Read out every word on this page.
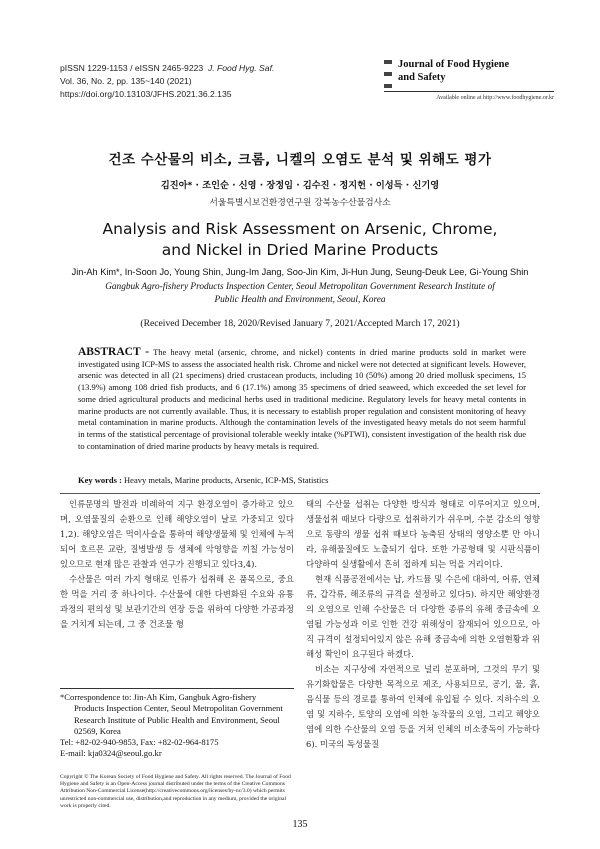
pISSN 1229-1153 / eISSN 2465-9223 J. Food Hyg. Saf.
Vol. 36, No. 2, pp. 135~140 (2021)
https://doi.org/10.13103/JFHS.2021.36.2.135
Journal of Food Hygiene
and Safety
Available online at http://www.foodhygiene.or.kr
건조 수산물의 비소, 크롬, 니켈의 오염도 분석 및 위해도 평가
김진아* · 조인순 · 신영 · 장정임 · 김수진 · 정지헌 · 이성득 · 신기영
서울특별시보건환경연구원 강북농수산물검사소
Analysis and Risk Assessment on Arsenic, Chrome,
and Nickel in Dried Marine Products
Jin-Ah Kim*, In-Soon Jo, Young Shin, Jung-Im Jang, Soo-Jin Kim, Ji-Hun Jung, Seung-Deuk Lee, Gi-Young Shin
Gangbuk Agro-fishery Products Inspection Center, Seoul Metropolitan Government Research Institute of
Public Health and Environment, Seoul, Korea
(Received December 18, 2020/Revised January 7, 2021/Accepted March 17, 2021)
ABSTRACT - The heavy metal (arsenic, chrome, and nickel) contents in dried marine products sold in market were investigated using ICP-MS to assess the associated health risk. Chrome and nickel were not detected at significant levels. However, arsenic was detected in all (21 specimens) dried crustacean products, including 10 (50%) among 20 dried mollusk specimens, 15 (13.9%) among 108 dried fish products, and 6 (17.1%) among 35 specimens of dried seaweed, which exceeded the set level for some dried agricultural products and medicinal herbs used in traditional medicine. Regulatory levels for heavy metal contents in marine products are not currently available. Thus, it is necessary to establish proper regulation and consistent monitoring of heavy metal contamination in marine products. Although the contamination levels of the investigated heavy metals do not seem harmful in terms of the statistical percentage of provisional tolerable weekly intake (%PTWI), consistent investigation of the health risk due to contamination of dried marine products by heavy metals is required.
Key words : Heavy metals, Marine products, Arsenic, ICP-MS, Statistics

인류문명의 발전과 비례하여 지구 환경오염이 증가하고 있으며, 오염물질의 순환으로 인해 해양오염이 날로 가중되고 있다1,2). 해양오염은 먹이사슬을 통하여 해양생물체 및 인체에 누적되어 호르몬 교란, 질병발생 등 생체에 악영향을 끼칠 가능성이 있으므로 현재 많은 관찰과 연구가 진행되고 있다3,4).

수산물은 여러 가지 형태로 인류가 섭취해 온 품목으로, 중요한 먹을 거리 중 하나이다. 수산물에 대한 다변화된 수요와 유통 과정의 편의성 및 보관기간의 연장 등을 위하여 다양한 가공과정을 거치게 되는데, 그 중 건조물 형

태의 수산물 섭취는 다양한 방식과 형태로 이루어지고 있으며, 생물섭취 때보다 다량으로 섭취하기가 쉬우며, 수분 감소의 영향으로 동량의 생물 섭취 때보다 농축된 상태의 영양소뿐 만 아니라, 유해물질에도 노출되기 쉽다. 또한 가공형태 및 시판식품이 다양하여 실생활에서 흔히 접하게 되는 먹을 거리이다.

현재 식품공전에서는 납, 카드뮴 및 수은에 대하여, 어류, 연체류, 갑각류, 해조류의 규격을 설정하고 있다5). 하지만 해양환경의 오염으로 인해 수산물은 더 다양한 종류의 유해 중금속에 오염될 가능성과 이로 인한 건강 위해성이 잠재되어 있으므로, 아직 규격이 설정되어있지 않은 유해 중금속에 의한 오염현황과 위해성 확인이 요구된다 하겠다.

비소는 지구상에 자연적으로 널리 분포하며, 그것의 무기 및 유기화합물은 다양한 목적으로 제조, 사용되므로, 공기, 물, 흙, 음식물 등의 경로를 통하여 인체에 유입될 수 있다. 지하수의 오염 및 지하수, 토양의 오염에 의한 농작물의 오염, 그리고 해양오염에 의한 수산물의 오염 등을 거쳐 인체의 비소중독이 가능하다6). 미국의 독성물질

*Correspondence to: Jin-Ah Kim, Gangbuk Agro-fishery
Products Inspection Center, Seoul Metropolitan Government
Research Institute of Public Health and Environment, Seoul
02569, Korea
Tel: +82-02-940-9853, Fax: +82-02-964-8175
E-mail: kja0324@seoul.go.kr
Copyright © The Korean Society of Food Hygiene and Safety. All rights reserved. The Journal of Food Hygiene and Safety is an Open-Access journal distributed under the terms of the Creative Commons Attribution Non-Commercial License(http://creativecommons.org/licenses/by-nc/3.0) which permits unrestricted non-commercial use, distribution,and reproduction in any medium, provided the original work is properly cited.
135
